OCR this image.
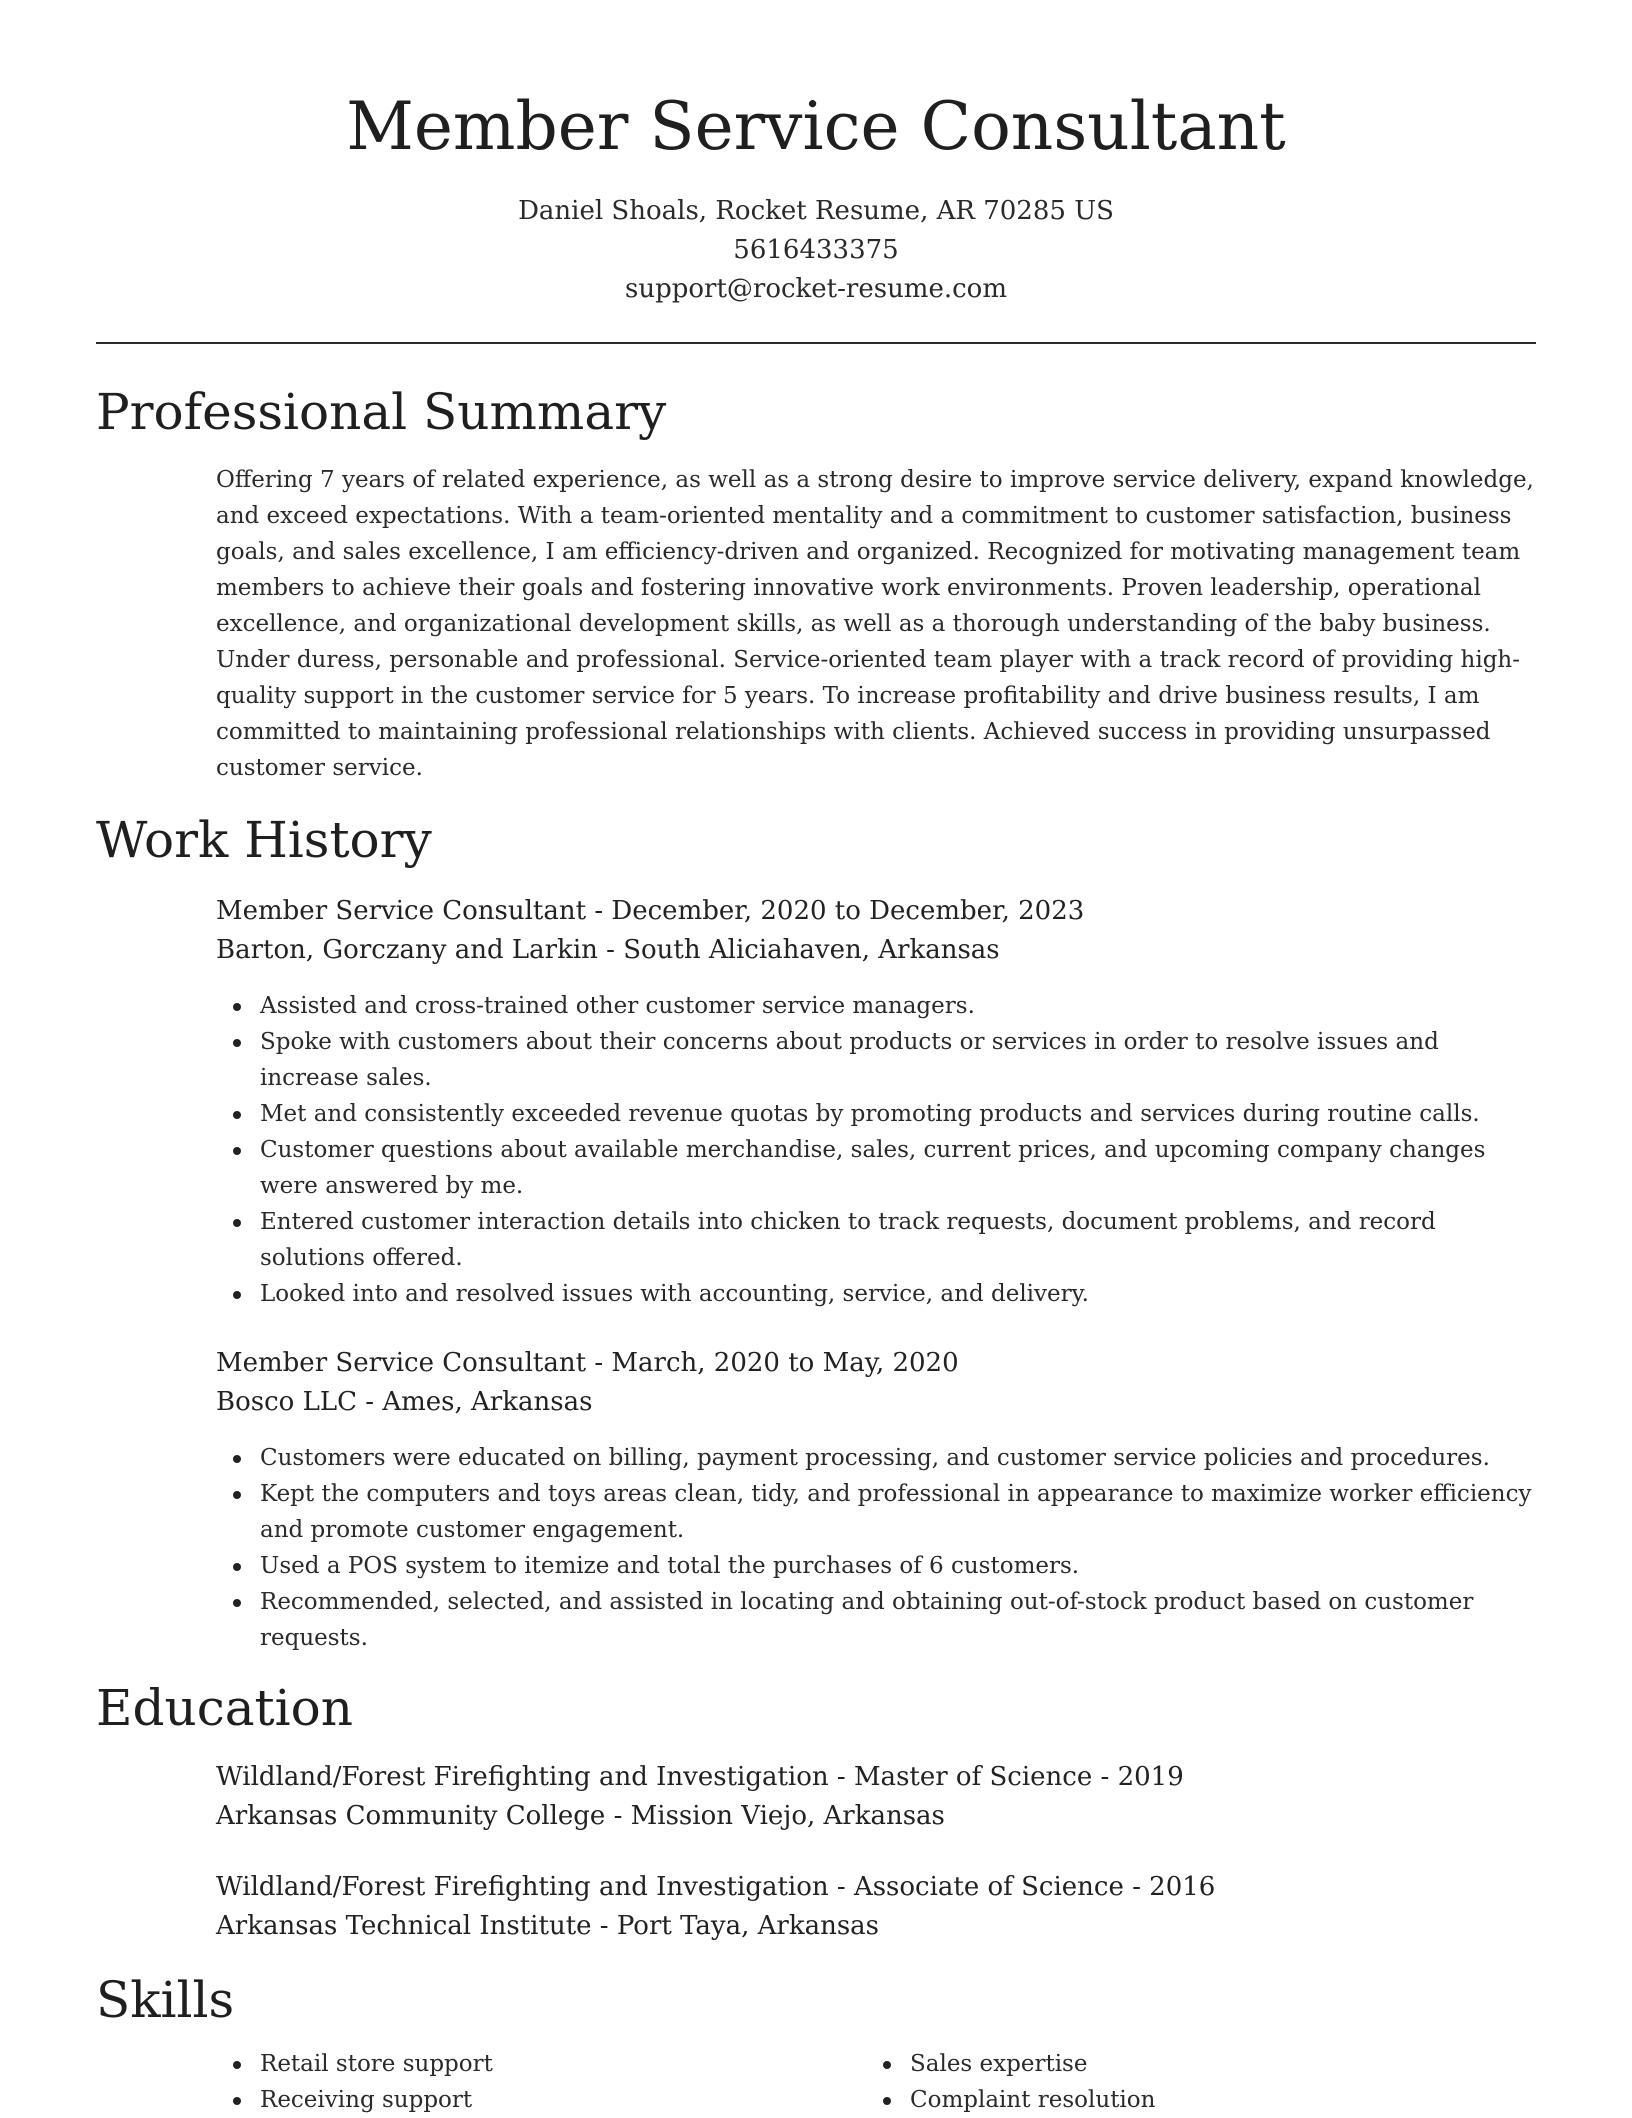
Member Service Consultant
Daniel Shoals, Rocket Resume, AR 70285 US
5616433375
support@rocket-resume.com
Professional Summary

Offering 7 years of related experience, as well as a strong desire to improve service delivery, expand knowledge, and exceed expectations. With a team-oriented mentality and a commitment to customer satisfaction, business goals, and sales excellence, I am efficiency-driven and organized. Recognized for motivating management team members to achieve their goals and fostering innovative work environments. Proven leadership, operational excellence, and organizational development skills, as well as a thorough understanding of the baby business. Under duress, personable and professional. Service-oriented team player with a track record of providing high-quality support in the customer service for 5 years. To increase profitability and drive business results, I am committed to maintaining professional relationships with clients. Achieved success in providing unsurpassed customer service.

Work History
Member Service Consultant - December, 2020 to December, 2023
Barton, Gorczany and Larkin - South Aliciahaven, Arkansas
Assisted and cross-trained other customer service managers.
Spoke with customers about their concerns about products or services in order to resolve issues and increase sales.
Met and consistently exceeded revenue quotas by promoting products and services during routine calls.
Customer questions about available merchandise, sales, current prices, and upcoming company changes were answered by me.
Entered customer interaction details into chicken to track requests, document problems, and record solutions offered.
Looked into and resolved issues with accounting, service, and delivery.
Member Service Consultant - March, 2020 to May, 2020
Bosco LLC - Ames, Arkansas
Customers were educated on billing, payment processing, and customer service policies and procedures.
Kept the computers and toys areas clean, tidy, and professional in appearance to maximize worker efficiency and promote customer engagement.
Used a POS system to itemize and total the purchases of 6 customers.
Recommended, selected, and assisted in locating and obtaining out-of-stock product based on customer requests.
Education
Wildland/Forest Firefighting and Investigation - Master of Science - 2019
Arkansas Community College - Mission Viejo, Arkansas
Wildland/Forest Firefighting and Investigation - Associate of Science - 2016
Arkansas Technical Institute - Port Taya, Arkansas
Skills
Retail store support
Receiving support
Sales expertise
Complaint resolution
